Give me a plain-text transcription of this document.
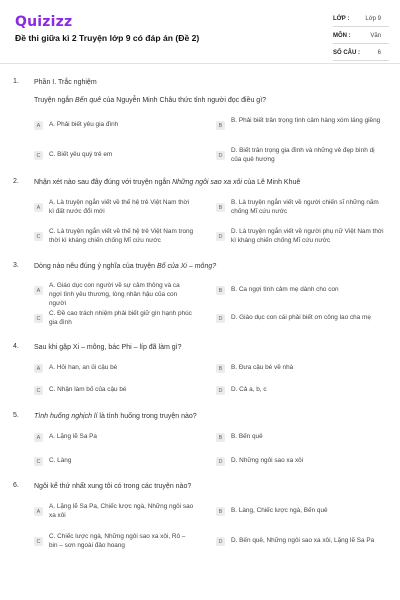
Quizizz
Đề thi giữa kì 2 Truyện lớp 9 có đáp án (Đề 2)
LỚP :	Lớp 9
MÔN :	Văn
SỐ CÂU :	6
1. Phần I. Trắc nghiệm
Truyện ngắn Bến quê của Nguyễn Minh Châu thức tỉnh người đọc điều gì?
A	A. Phải biết yêu gia đình	B
B. Phải biết trân trọng tình cảm hàng xóm láng giềng
C	C. Biết yêu quý trẻ em	D
D. Biết trân trọng gia đình và những vẻ đẹp bình dị của quê hương
2. Nhận xét nào sau đây đúng với truyện ngắn Những ngôi sao xa xôi của Lê Minh Khuê
A
A. Là truyện ngắn viết về thế hệ trẻ Việt Nam thời kì đất nước đổi mới
B
B. Là truyện ngắn viết về người chiến sĩ những năm chống Mĩ cứu nước
C
C. Là truyện ngắn viết về thế hệ trẻ Việt Nam trong thời kì kháng chiến chống Mĩ cứu nước
D
D. Là truyện ngắn viết về người phụ nữ Việt Nam thời kì kháng chiến chống Mĩ cứu nước
3. Dòng nào nêu đúng ý nghĩa của truyện Bố của Xi – mông?
A
A. Giáo dục con người về sự cảm thông và ca ngợi tình yêu thương, lòng nhân hậu của con người
B	B. Ca ngợi tình cảm mẹ dành cho con
C
C. Đề cao trách nhiệm phải biết giữ gìn hạnh phúc gia đình
D	D. Giáo dục con cái phải biết ơn công lao cha mẹ
4. Sau khi gặp Xi – mông, bác Phi – líp đã làm gì?
A	A. Hỏi han, an ủi cậu bé	B	B. Đưa cậu bé về nhà
C	C. Nhận làm bố của cậu bé	D	D. Cả a, b, c
5. Tình huống nghịch lí là tình huống trong truyện nào?
A	A. Lặng lẽ Sa Pa	B	B. Bến quê
C	C. Làng	D	D. Những ngôi sao xa xôi
6. Ngôi kể thứ nhất xung tôi có trong các truyện nào?
A
A. Lặng lẽ Sa Pa, Chiếc lược ngà, Những ngôi sao xa xôi
B	B. Làng, Chiếc lược ngà, Bến quê
C
C. Chiếc lược ngà, Những ngôi sao xa xôi, Rô – bin – sơn ngoài đảo hoang
D	D. Bến quê, Những ngôi sao xa xôi, Lặng lẽ Sa Pa
